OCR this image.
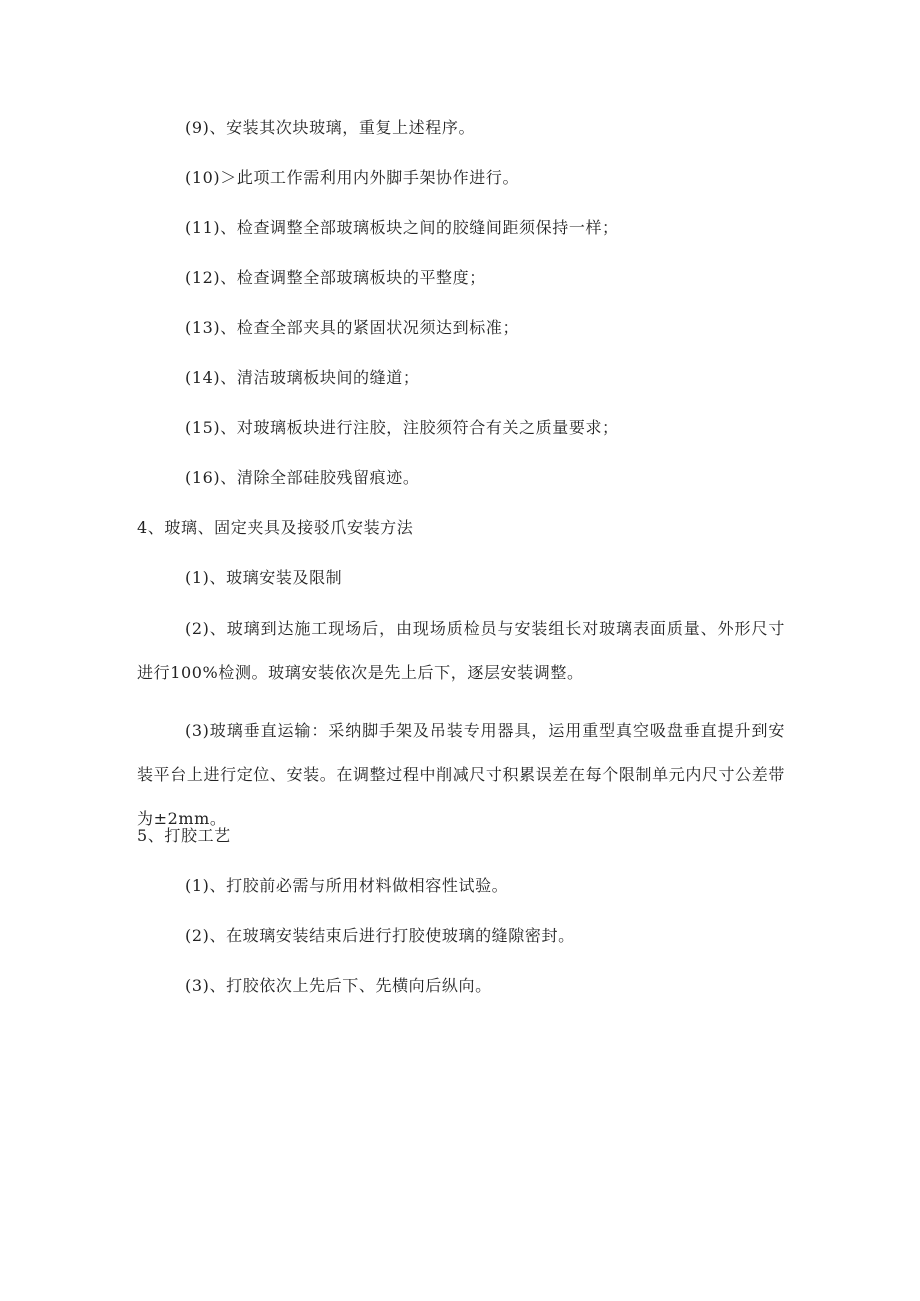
(9)、安装其次块玻璃，重复上述程序。
(10)＞此项工作需利用内外脚手架协作进行。
(11)、检查调整全部玻璃板块之间的胶缝间距须保持一样；
(12)、检查调整全部玻璃板块的平整度；
(13)、检查全部夹具的紧固状况须达到标准；
(14)、清洁玻璃板块间的缝道；
(15)、对玻璃板块进行注胶，注胶须符合有关之质量要求；
(16)、清除全部硅胶残留痕迹。
4、玻璃、固定夹具及接驳爪安装方法
(1)、玻璃安装及限制
(2)、玻璃到达施工现场后，由现场质检员与安装组长对玻璃表面质量、外形尺寸进行100%检测。玻璃安装依次是先上后下，逐层安装调整。
(3)玻璃垂直运输：采纳脚手架及吊装专用器具，运用重型真空吸盘垂直提升到安装平台上进行定位、安装。在调整过程中削减尺寸积累误差在每个限制单元内尺寸公差带为±2mm。
5、打胶工艺
(1)、打胶前必需与所用材料做相容性试验。
(2)、在玻璃安装结束后进行打胶使玻璃的缝隙密封。
(3)、打胶依次上先后下、先横向后纵向。
